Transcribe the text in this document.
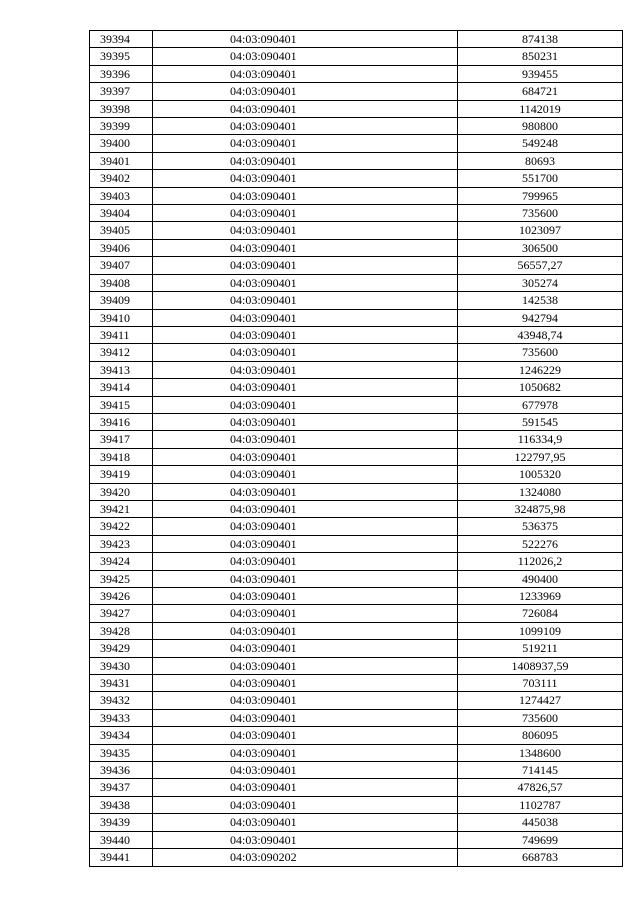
39394	04:03:090401	874138
39395	04:03:090401	850231
39396	04:03:090401	939455
39397	04:03:090401	684721
39398	04:03:090401	1142019
39399	04:03:090401	980800
39400	04:03:090401	549248
39401	04:03:090401	80693
39402	04:03:090401	551700
39403	04:03:090401	799965
39404	04:03:090401	735600
39405	04:03:090401	1023097
39406	04:03:090401	306500
39407	04:03:090401	56557,27
39408	04:03:090401	305274
39409	04:03:090401	142538
39410	04:03:090401	942794
39411	04:03:090401	43948,74
39412	04:03:090401	735600
39413	04:03:090401	1246229
39414	04:03:090401	1050682
39415	04:03:090401	677978
39416	04:03:090401	591545
39417	04:03:090401	116334,9
39418	04:03:090401	122797,95
39419	04:03:090401	1005320
39420	04:03:090401	1324080
39421	04:03:090401	324875,98
39422	04:03:090401	536375
39423	04:03:090401	522276
39424	04:03:090401	112026,2
39425	04:03:090401	490400
39426	04:03:090401	1233969
39427	04:03:090401	726084
39428	04:03:090401	1099109
39429	04:03:090401	519211
39430	04:03:090401	1408937,59
39431	04:03:090401	703111
39432	04:03:090401	1274427
39433	04:03:090401	735600
39434	04:03:090401	806095
39435	04:03:090401	1348600
39436	04:03:090401	714145
39437	04:03:090401	47826,57
39438	04:03:090401	1102787
39439	04:03:090401	445038
39440	04:03:090401	749699
39441	04:03:090202	668783
